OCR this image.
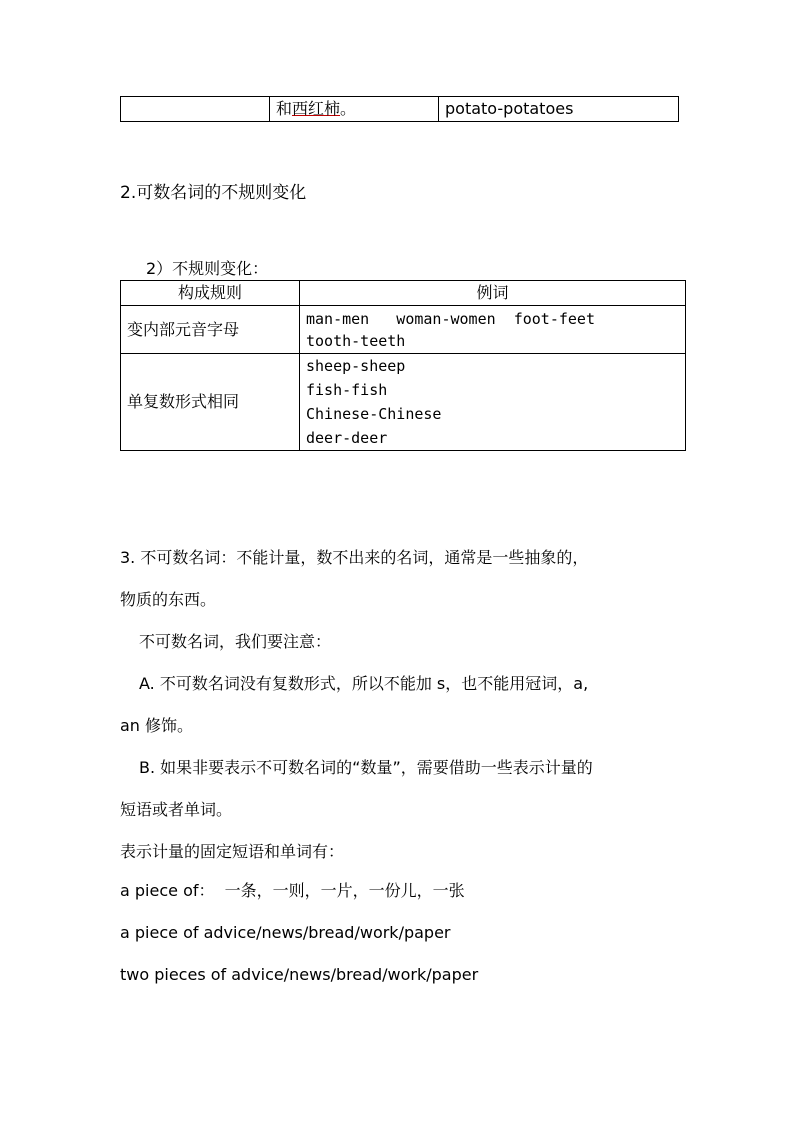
	和西红柿。	potato-potatoes
2.可数名词的不规则变化
2）不规则变化：
构成规则	例词
变内部元音字母	man-men   woman-women  foot-feet
tooth-teeth

单复数形式相同	sheep-sheep
fish-fish
Chinese-Chinese
deer-deer
3. 不可数名词：不能计量，数不出来的名词，通常是一些抽象的，
物质的东西。
不可数名词，我们要注意：
A. 不可数名词没有复数形式，所以不能加 s，也不能用冠词，a,
an 修饰。
B. 如果非要表示不可数名词的“数量”，需要借助一些表示计量的
短语或者单词。
表示计量的固定短语和单词有：
a piece of：  一条，一则，一片，一份儿，一张
a piece of advice/news/bread/work/paper
two pieces of advice/news/bread/work/paper
